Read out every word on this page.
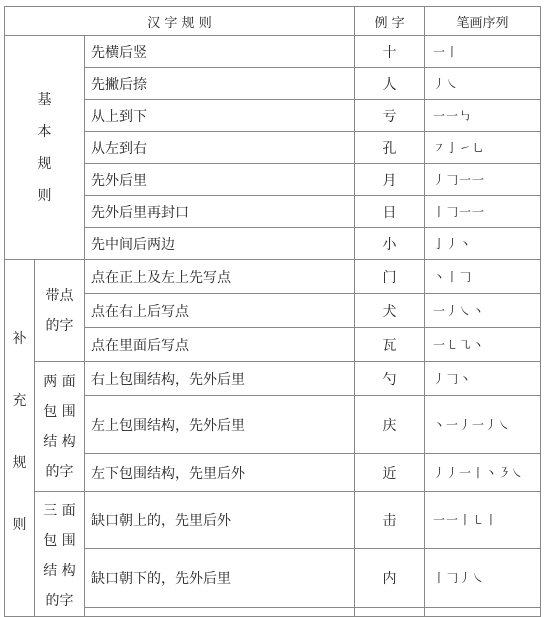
汉 字 规 则			例 字	笔画序列

基
本
规
则		先横后竖	十	一丨
		先撇后捺	人	丿㇏
		从上到下	亏	一一㇉
		从左到右	孔	㇇亅㇀㇟
		先外后里	月	丿𠃌一一
		先外后里再封口	日	丨𠃌一一
		先中间后两边	小	亅丿丶

补
充
规
则	带点
的字	点在正上及左上先写点	门	丶丨𠃌
		点在右上后写点	犬	一丿㇏丶
		点在里面后写点	瓦	一㇄㇈丶

	两 面
包 围
结 构
的字	右上包围结构，先外后里	勺	丿𠃌丶
		左上包围结构，先外后里	庆	丶一丿一丿㇏
		左下包围结构，先里后外	近	丿丿一丨丶㇋㇏

	三 面
包 围
结 构
的字	缺口朝上的，先里后外	击	一一丨㇄丨
		缺口朝下的，先外后里	内	丨𠃌丿㇏
